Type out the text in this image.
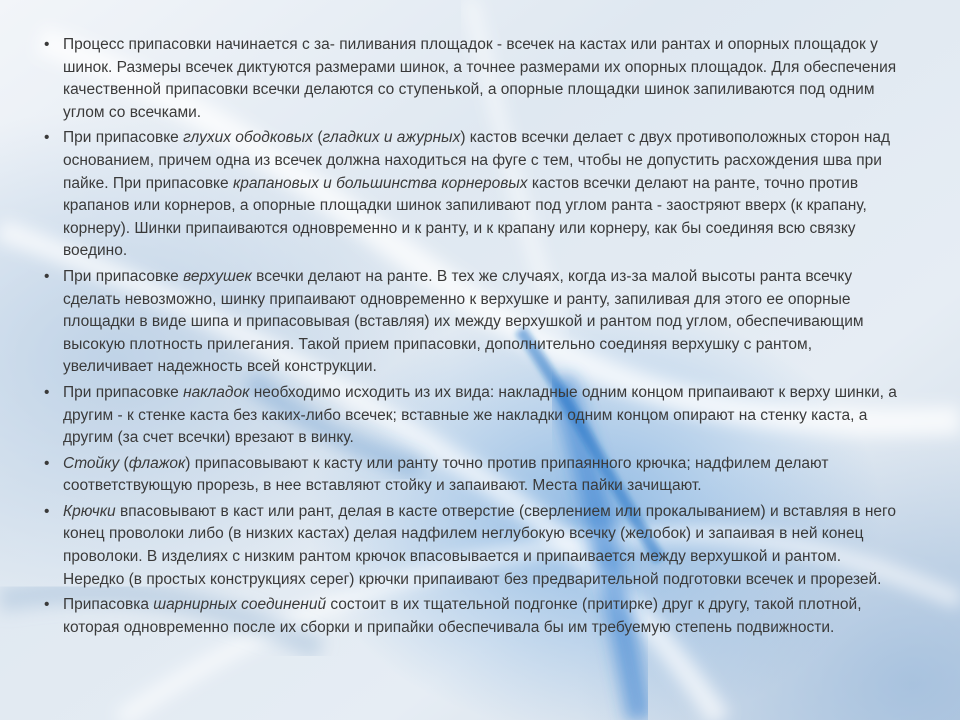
• Процесс припасовки начинается с за- пиливания площадок - всечек на кастах или рантах и опорных площадок у шинок. Размеры всечек диктуются размерами шинок, а точнее размерами их опорных площадок. Для обеспечения качественной припасовки всечки делаются со ступенькой, а опорные площадки шинок запиливаются под одним углом со всечками.
• При припасовке глухих ободковых (гладких и ажурных) кастов всечки делает с двух противоположных сторон над основанием, причем одна из всечек должна находиться на фуге с тем, чтобы не допустить расхождения шва при пайке. При припасовке крапановых и большинства корнеровых кастов всечки делают на ранте, точно против крапанов или корнеров, а опорные площадки шинок запиливают под углом ранта - заостряют вверх (к крапану, корнеру). Шинки припаиваются одновременно и к ранту, и к крапану или корнеру, как бы соединяя всю связку воедино.
• При припасовке верхушек всечки делают на ранте. В тех же случаях, когда из-за малой высоты ранта всечку сделать невозможно, шинку припаивают одновременно к верхушке и ранту, запиливая для этого ее опорные площадки в виде шипа и припасовывая (вставляя) их между верхушкой и рантом под углом, обеспечивающим высокую плотность прилегания. Такой прием припасовки, дополнительно соединяя верхушку с рантом, увеличивает надежность всей конструкции.
• При припасовке накладок необходимо исходить из их вида: накладные одним концом припаивают к верху шинки, а другим - к стенке каста без каких-либо всечек; вставные же накладки одним концом опирают на стенку каста, а другим (за счет всечки) врезают в винку.
• Стойку (флажок) припасовывают к касту или ранту точно против припаянного крючка; надфилем делают соответствующую прорезь, в нее вставляют стойку и запаивают. Места пайки зачищают.
• Крючки впасовывают в каст или рант, делая в касте отверстие (сверлением или прокалыванием) и вставляя в него конец проволоки либо (в низких кастах) делая надфилем неглубокую всечку (желобок) и запаивая в ней конец проволоки. В изделиях с низким рантом крючок впасовывается и припаивается между верхушкой и рантом. Нередко (в простых конструкциях серег) крючки припаивают без предварительной подготовки всечек и прорезей.
• Припасовка шарнирных соединений состоит в их тщательной подгонке (притирке) друг к другу, такой плотной, которая одновременно после их сборки и припайки обеспечивала бы им требуемую степень подвижности.
